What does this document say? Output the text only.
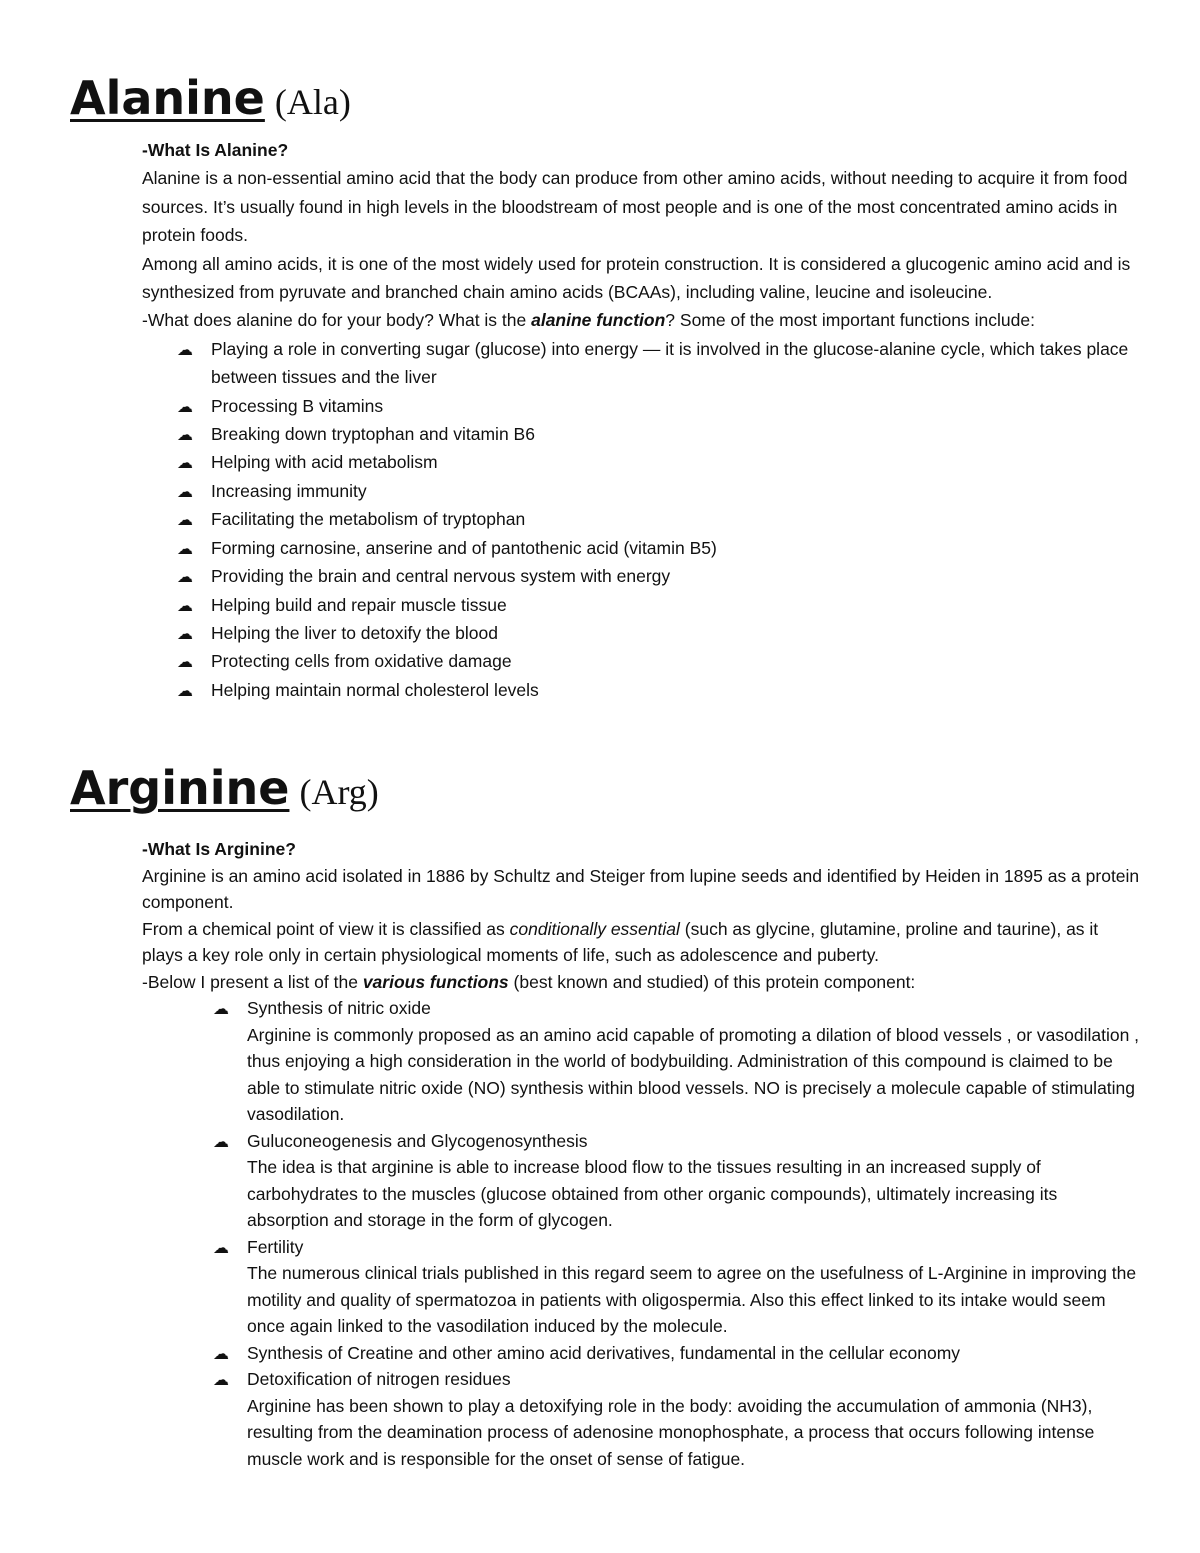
Alanine (Ala)

-What Is Alanine?

Alanine is a non-essential amino acid that the body can produce from other amino acids, without needing to acquire it from food sources. It’s usually found in high levels in the bloodstream of most people and is one of the most concentrated amino acids in protein foods.

Among all amino acids, it is one of the most widely used for protein construction. It is considered a glucogenic amino acid and is synthesized from pyruvate and branched chain amino acids (BCAAs), including valine, leucine and isoleucine.

-What does alanine do for your body? What is the alanine function? Some of the most important functions include:

☁ Playing a role in converting sugar (glucose) into energy — it is involved in the glucose-alanine cycle, which takes place between tissues and the liver
☁ Processing B vitamins
☁ Breaking down tryptophan and vitamin B6
☁ Helping with acid metabolism
☁ Increasing immunity
☁ Facilitating the metabolism of tryptophan
☁ Forming carnosine, anserine and of pantothenic acid (vitamin B5)
☁ Providing the brain and central nervous system with energy
☁ Helping build and repair muscle tissue
☁ Helping the liver to detoxify the blood
☁ Protecting cells from oxidative damage
☁ Helping maintain normal cholesterol levels
Arginine (Arg)

-What Is Arginine?

Arginine is an amino acid isolated in 1886 by Schultz and Steiger from lupine seeds and identified by Heiden in 1895 as a protein component.

From a chemical point of view it is classified as conditionally essential (such as glycine, glutamine, proline and taurine), as it plays a key role only in certain physiological moments of life, such as adolescence and puberty.

-Below I present a list of the various functions (best known and studied) of this protein component:

☁ Synthesis of nitric oxide
Arginine is commonly proposed as an amino acid capable of promoting a dilation of blood vessels , or vasodilation , thus enjoying a high consideration in the world of bodybuilding. Administration of this compound is claimed to be able to stimulate nitric oxide (NO) synthesis within blood vessels. NO is precisely a molecule capable of stimulating vasodilation.
☁ Guluconeogenesis and Glycogenosynthesis
The idea is that arginine is able to increase blood flow to the tissues resulting in an increased supply of carbohydrates to the muscles (glucose obtained from other organic compounds), ultimately increasing its absorption and storage in the form of glycogen.
☁ Fertility
The numerous clinical trials published in this regard seem to agree on the usefulness of L-Arginine in improving the motility and quality of spermatozoa in patients with oligospermia. Also this effect linked to its intake would seem once again linked to the vasodilation induced by the molecule.
☁ Synthesis of Creatine and other amino acid derivatives, fundamental in the cellular economy
☁ Detoxification of nitrogen residues
Arginine has been shown to play a detoxifying role in the body: avoiding the accumulation of ammonia (NH3), resulting from the deamination process of adenosine monophosphate, a process that occurs following intense muscle work and is responsible for the onset of sense of fatigue.
